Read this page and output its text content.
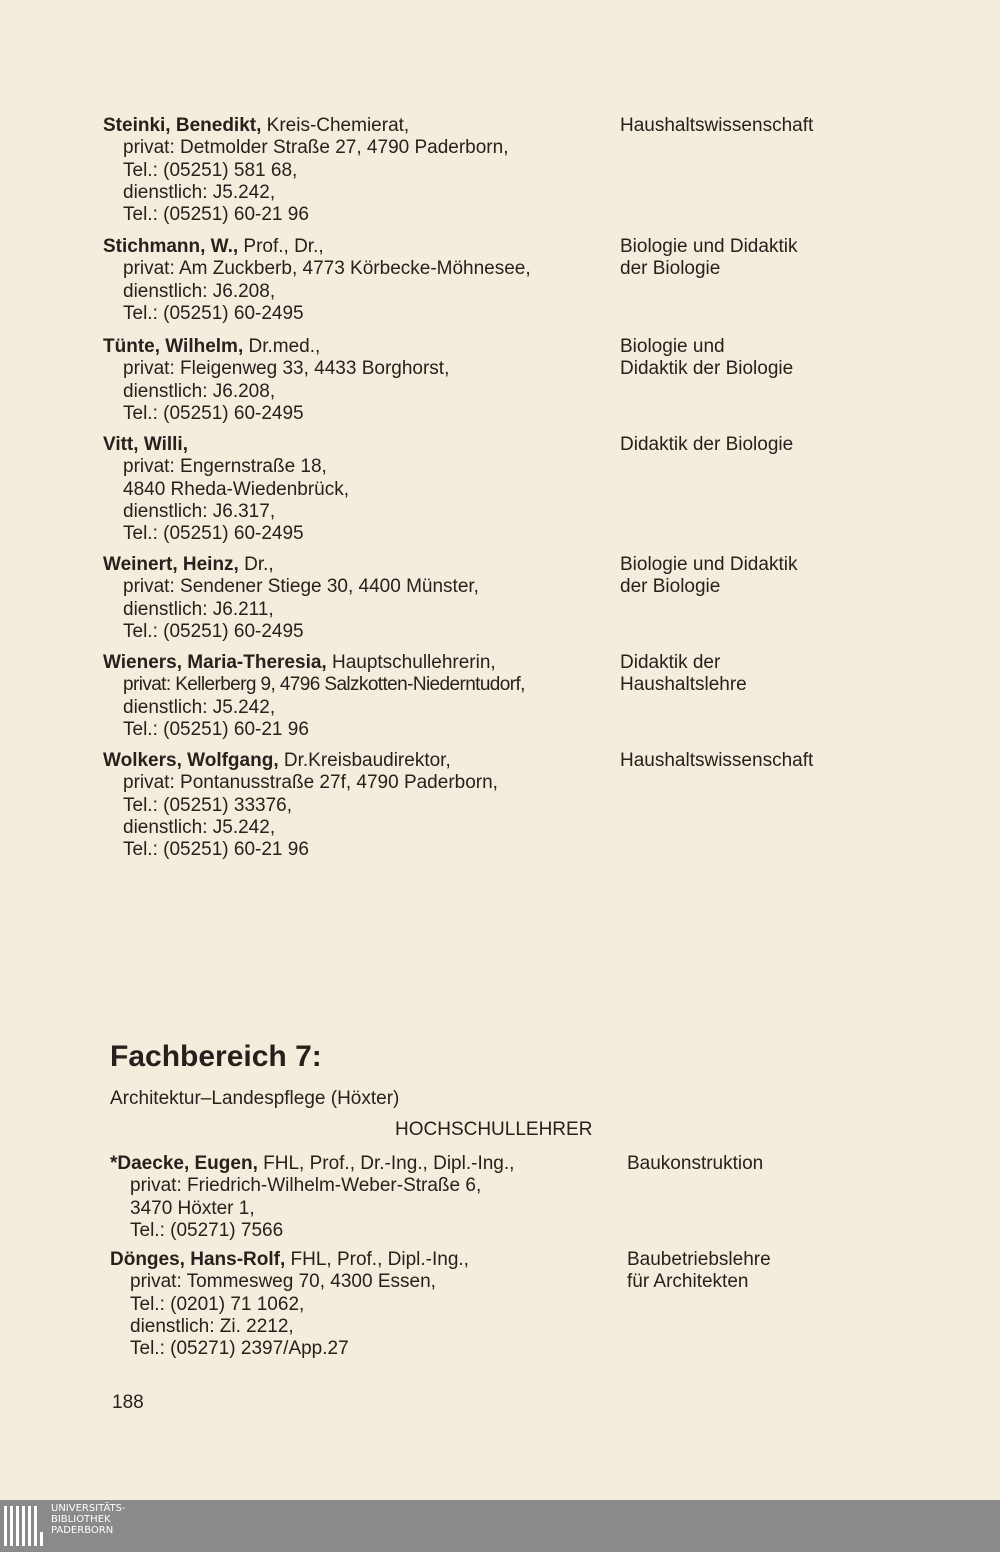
Steinki, Benedikt, Kreis-Chemierat,
privat: Detmolder Straße 27, 4790 Paderborn,
Tel.: (05251) 581 68,
dienstlich: J5.242,
Tel.: (05251) 60-21 96
Haushaltswissenschaft
Stichmann, W., Prof., Dr.,
privat: Am Zuckberb, 4773 Körbecke-Möhnesee,
dienstlich: J6.208,
Tel.: (05251) 60-2495
Biologie und Didaktik
der Biologie
Tünte, Wilhelm, Dr.med.,
privat: Fleigenweg 33, 4433 Borghorst,
dienstlich: J6.208,
Tel.: (05251) 60-2495
Biologie und
Didaktik der Biologie
Vitt, Willi,
privat: Engernstraße 18,
4840 Rheda-Wiedenbrück,
dienstlich: J6.317,
Tel.: (05251) 60-2495
Didaktik der Biologie
Weinert, Heinz, Dr.,
privat: Sendener Stiege 30, 4400 Münster,
dienstlich: J6.211,
Tel.: (05251) 60-2495
Biologie und Didaktik
der Biologie
Wieners, Maria-Theresia, Hauptschullehrerin,
privat: Kellerberg 9, 4796 Salzkotten-Niederntudorf,
dienstlich: J5.242,
Tel.: (05251) 60-21 96
Didaktik der
Haushaltslehre
Wolkers, Wolfgang, Dr.Kreisbaudirektor,
privat: Pontanusstraße 27f, 4790 Paderborn,
Tel.: (05251) 33376,
dienstlich: J5.242,
Tel.: (05251) 60-21 96
Haushaltswissenschaft
Fachbereich 7:
Architektur–Landespflege (Höxter)
HOCHSCHULLEHRER
*Daecke, Eugen, FHL, Prof., Dr.-Ing., Dipl.-Ing.,
privat: Friedrich-Wilhelm-Weber-Straße 6,
3470 Höxter 1,
Tel.: (05271) 7566
Baukonstruktion
Dönges, Hans-Rolf, FHL, Prof., Dipl.-Ing.,
privat: Tommesweg 70, 4300 Essen,
Tel.: (0201) 71 1062,
dienstlich: Zi. 2212,
Tel.: (05271) 2397/App.27
Baubetriebslehre
für Architekten
188
UNIVERSITÄTS-
BIBLIOTHEK
PADERBORN
